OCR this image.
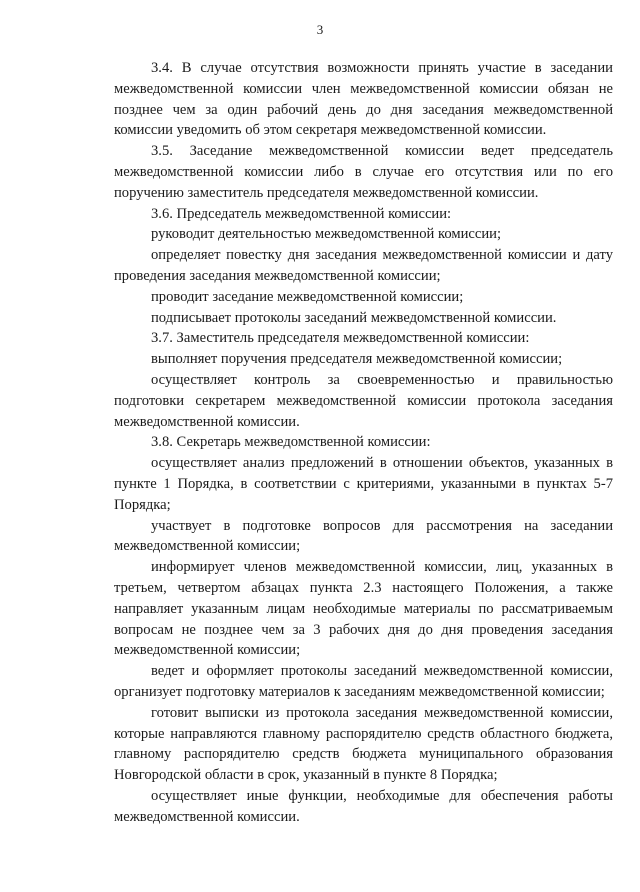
3

3.4. В случае отсутствия возможности принять участие в заседании межведомственной комиссии член межведомственной комиссии обязан не позднее чем за один рабочий день до дня заседания межведомственной комиссии уведомить об этом секретаря межведомственной комиссии.

3.5. Заседание межведомственной комиссии ведет председатель межведомственной комиссии либо в случае его отсутствия или по его поручению заместитель председателя межведомственной комиссии.

3.6. Председатель межведомственной комиссии:

руководит деятельностью межведомственной комиссии;

определяет повестку дня заседания межведомственной комиссии и дату проведения заседания межведомственной комиссии;

проводит заседание межведомственной комиссии;

подписывает протоколы заседаний межведомственной комиссии.

3.7. Заместитель председателя межведомственной комиссии:

выполняет поручения председателя межведомственной комиссии;

осуществляет контроль за своевременностью и правильностью подготовки секретарем межведомственной комиссии протокола заседания межведомственной комиссии.

3.8. Секретарь межведомственной комиссии:

осуществляет анализ предложений в отношении объектов, указанных в пункте 1 Порядка, в соответствии с критериями, указанными в пунктах 5-7 Порядка;

участвует в подготовке вопросов для рассмотрения на заседании межведомственной комиссии;

информирует членов межведомственной комиссии, лиц, указанных в третьем, четвертом абзацах пункта 2.3 настоящего Положения, а также направляет указанным лицам необходимые материалы по рассматриваемым вопросам не позднее чем за 3 рабочих дня до дня проведения заседания межведомственной комиссии;

ведет и оформляет протоколы заседаний межведомственной комиссии, организует подготовку материалов к заседаниям межведомственной комиссии;

готовит выписки из протокола заседания межведомственной комиссии, которые направляются главному распорядителю средств областного бюджета, главному распорядителю средств бюджета муниципального образования Новгородской области в срок, указанный в пункте 8 Порядка;

осуществляет иные функции, необходимые для обеспечения работы межведомственной комиссии.
